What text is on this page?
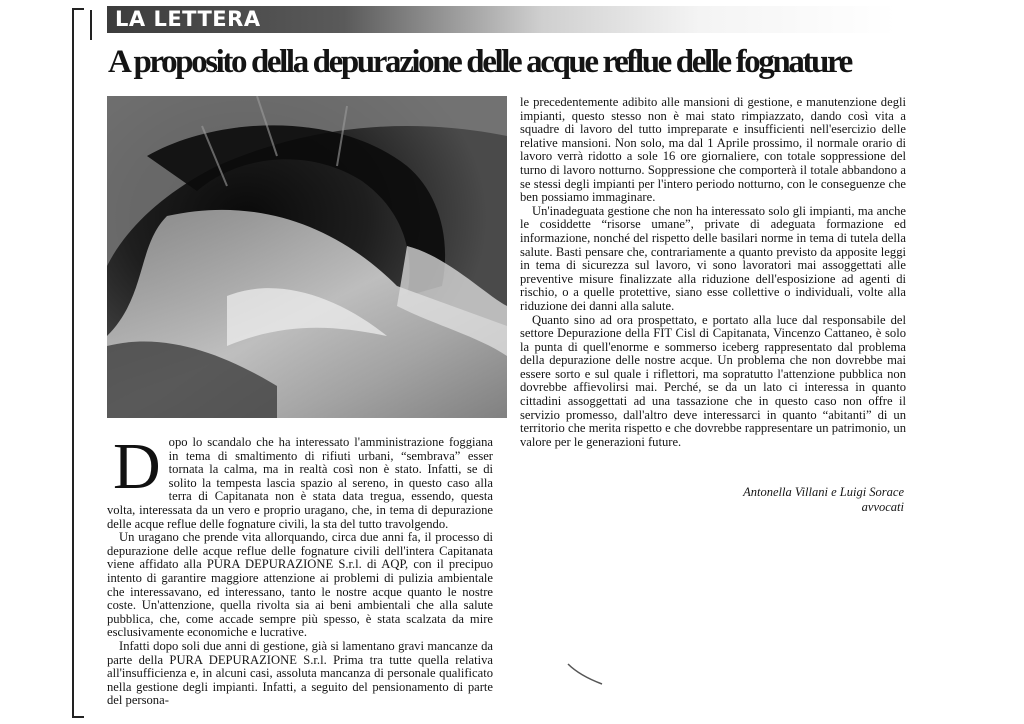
LA LETTERA
A proposito della depurazione delle acque reflue delle fognature
D opo lo scandalo che ha interessato l'amministrazione foggiana in tema di smaltimento di rifiuti urbani, “sembrava” esser tornata la calma, ma in realtà così non è stato. Infatti, se di solito la tempesta lascia spazio al sereno, in questo caso alla terra di Capitanata non è stata data tregua, essendo, questa volta, interessata da un vero e proprio uragano, che, in tema di depurazione delle acque reflue delle fognature civili, la sta del tutto travolgendo.

Un uragano che prende vita allorquando, circa due anni fa, il processo di depurazione delle acque reflue delle fognature civili dell'intera Capitanata viene affidato alla PURA DEPURAZIONE S.r.l. di AQP, con il precipuo intento di garantire maggiore attenzione ai problemi di pulizia ambientale che interessavano, ed interessano, tanto le nostre acque quanto le nostre coste. Un'attenzione, quella rivolta sia ai beni ambientali che alla salute pubblica, che, come accade sempre più spesso, è stata scalzata da mire esclusivamente economiche e lucrative.

Infatti dopo soli due anni di gestione, già si lamentano gravi mancanze da parte della PURA DEPURAZIONE S.r.l. Prima tra tutte quella relativa all'insufficienza e, in alcuni casi, assoluta mancanza di personale qualificato nella gestione degli impianti. Infatti, a seguito del pensionamento di parte del persona-

le precedentemente adibito alle mansioni di gestione, e manutenzione degli impianti, questo stesso non è mai stato rimpiazzato, dando così vita a squadre di lavoro del tutto impreparate e insufficienti nell'esercizio delle relative mansioni. Non solo, ma dal 1 Aprile prossimo, il normale orario di lavoro verrà ridotto a sole 16 ore giornaliere, con totale soppressione del turno di lavoro notturno. Soppressione che comporterà il totale abbandono a se stessi degli impianti per l'intero periodo notturno, con le conseguenze che ben possiamo immaginare.

Un'inadeguata gestione che non ha interessato solo gli impianti, ma anche le cosiddette “risorse umane”, private di adeguata formazione ed informazione, nonché del rispetto delle basilari norme in tema di tutela della salute. Basti pensare che, contrariamente a quanto previsto da apposite leggi in tema di sicurezza sul lavoro, vi sono lavoratori mai assoggettati alle preventive misure finalizzate alla riduzione dell'esposizione ad agenti di rischio, o a quelle protettive, siano esse collettive o individuali, volte alla riduzione dei danni alla salute.

Quanto sino ad ora prospettato, e portato alla luce dal responsabile del settore Depurazione della FIT Cisl di Capitanata, Vincenzo Cattaneo, è solo la punta di quell'enorme e sommerso iceberg rappresentato dal problema della depurazione delle nostre acque. Un problema che non dovrebbe mai essere sorto e sul quale i riflettori, ma sopratutto l'attenzione pubblica non dovrebbe affievolirsi mai. Perché, se da un lato ci interessa in quanto cittadini assoggettati ad una tassazione che in questo caso non offre il servizio promesso, dall'altro deve interessarci in quanto “abitanti” di un territorio che merita rispetto e che dovrebbe rappresentare un patrimonio, un valore per le generazioni future.

Antonella Villani e Luigi Sorace
avvocati
